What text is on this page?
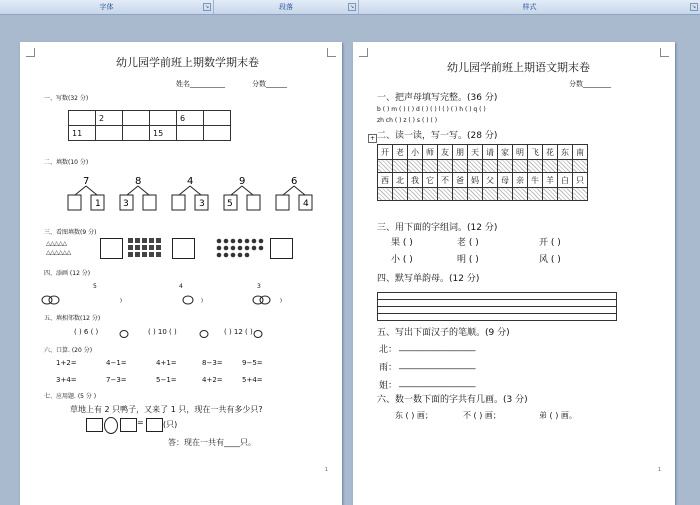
字体	↘	段落	↘	样式	↘
幼儿园学前班上期数学期末卷
姓名__________	分数______
一、写数(32 分)
	2			6	
11			15		
二、填数(10 分)
7
1
8
3
4
3
9
5
6
4
三、看图填数(9 分)
△△△△△
△△△△△△
四、添画 (12 分)
5	4	3
)	)	)
五、填相邻数(12 分)
( ) 6 ( )	( ) 10 ( )	( ) 12 ( )
六、口算. (20 分)
1+2=	4−1=	4+1=	8−3=	9−5=
3+4=	7−3=	5−1=	4+2=	5+4=
七、应用题. (5 分 )
草地上有 2 只鸭子，又来了 1 只，现在一共有多少只?
= (只)
答：现在一共有____只。
1
幼儿园学前班上期语文期末卷
分数________
一、把声母填写完整。(36 分)
b ( ) m ( ) ( ) d ( ) ( ) l ( ) ( ) h ( ) q ( )
zh ch ( ) z ( ) s ( ) ( )
二、读一读，写一写。(28 分)
+
开	老	小	师	友	朋	天	请	家	明	飞	花	东	南

西	北	我	它	不	爸	妈	父	母	亲	牛	羊	白	只

三、用下面的字组词。(12 分)
果 ( )	老 ( )	开 ( )
小 ( )	明 ( )	风 ( )
四、默写单韵母。(12 分)
五、写出下面汉子的笔顺。(9 分)
北： _________________
雨： _________________
姐： _________________
六、数一数下面的字共有几画。(3 分)
东 ( ) 画；	不 ( ) 画；	弟 ( ) 画。
1
